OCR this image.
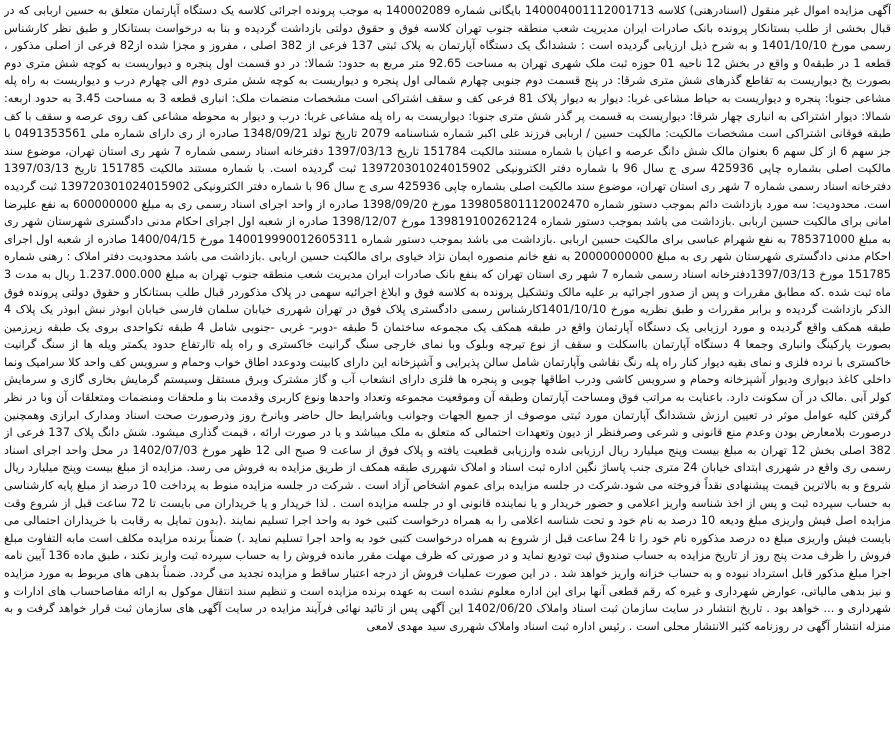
آگهی مزایده اموال غیر منقول (اسنادرهنی) کلاسه 140004001112001713 بایگانی شماره 140002089 به موجب پرونده اجرائی کلاسه یک دستگاه آپارتمان متعلق به حسین اربابی که در قبال بخشی از طلب بستانکار پرونده بانک صادرات ایران مدیریت شعب منطقه جنوب تهران کلاسه فوق و حقوق دولتی بازداشت گردیده و بنا به درخواست بستانکار و طبق نظر کارشناس رسمی مورخ 1401/10/10 و به شرح ذیل ارزیابی گردیده است : ششدانگ یک دستگاه آپارتمان به پلاک ثبتی 137 فرعی از 382 اصلی ، مفروز و مجزا شده از82 فرعی از اصلی مذکور ، قطعه 1 در طبقه0 و واقع در بخش 12 ناحیه 01 حوزه ثبت ملک شهری تهران به مساحت 92.65 متر مربع به حدود: شمالا: در دو قسمت اول پنجره و دیواریست به کوچه شش متری دوم بصورت پخ دیواریست به تقاطع گذرهای شش متری شرقا: در پنج قسمت دوم جنوبی چهارم شمالی اول پنجره و دیواریست به کوچه شش متری دوم الی چهارم درب و دیواریست به راه پله مشاعی جنوبا: پنجره و دیواریست به حیاط مشاعی غربا: دیوار به دیوار پلاک 81 فرعی کف و سقف اشتراکی است مشخصات منضمات ملک: انباری قطعه 3 به مساحت 3.45 به حدود اربعه: شمالا: دیوار اشتراکی به انباری چهار شرقا: دیواریست به قسمت پر گذر شش متری جنوبا: دیواریست به راه پله مشاعی غربا: درب و دیوار به محوطه مشاعی کف روی عرصه و سقف با کف طبقه فوقانی اشتراکی است مشخصات مالکیت: مالکیت حسین / اربابی فرزند علی اکبر شماره شناسنامه 2079 تاریخ تولد 1348/09/21 صادره از ری دارای شماره ملی 0491353561 با جز سهم 6 از کل سهم 6 بعنوان مالک شش دانگ عرصه و اعیان با شماره مستند مالکیت 151784 تاریخ 1397/03/13 دفترخانه اسناد رسمی شماره 7 شهر ری استان تهران، موضوع سند مالکیت اصلی بشماره چاپی 425936 سری ج سال 96 با شماره دفتر الکترونیکی 139720301024015902 ثبت گردیده است. با شماره مستند مالکیت 151785 تاریخ 1397/03/13 دفترخانه اسناد رسمی شماره 7 شهر ری استان تهران، موضوع سند مالکیت اصلی بشماره چاپی 425936 سری ج سال 96 با شماره دفتر الکترونیکی 139720301024015902 ثبت گردیده است. محدودیت: سه مورد بازداشت دائم بموجب دستور شماره 139805801112002470 مورخ 1398/09/20 صادره از واحد اجرای اسناد رسمی ری به مبلغ 600000000 به نفع علیرضا امانی برای مالکیت حسین اربابی .بازداشت می باشد بموجب دستور شماره 139819100262124 مورخ 1398/12/07 صادره از شعبه اول اجرای احکام مدنی دادگستری شهرستان شهر ری به مبلغ 785371000 به نفع شهرام عباسی برای مالکیت حسین اربابی .بازداشت می باشد بموجب دستور شماره 140019990012605311 مورخ 1400/04/15 صادره از شعبه اول اجرای احکام مدنی دادگستری شهرستان شهر ری به مبلغ 20000000000 به نفع خانم منصوره ایمان نژاد خیاوی برای مالکیت حسین اربابی .بازداشت می باشد محدودیت دفتر املاک : رهنی شماره 151785 مورخ 1397/03/13دفترخانه اسناد رسمی شماره 7 شهر ری استان تهران که بنفع بانک صادرات ایران مدیریت شعب منطقه جنوب تهران به مبلغ 1.237.000.000 ریال به مدت 3 ماه ثبت شده .که مطابق مقررات و پس از صدور اجرائیه بر علیه مالک وتشکیل پرونده به کلاسه فوق و ابلاغ اجرائیه سهمی در پلاک مذکوردر قبال طلب بستانکار و حقوق دولتی پرونده فوق الذکر بازداشت گردیده و برابر مقررات و طبق نظریه مورخ 1401/10/10کارشناس رسمی دادگستری پلاک فوق در تهران شهرری خیابان سلمان فارسی خیابان ابوذر نبش ابوذر یک پلاک 4 طبقه همکف واقع گردیده و مورد ارزیابی یک دستگاه آپارتمان واقع در طبقه همکف یک مجموعه ساختمان 5 طبقه -دوبر- غربی -جنوبی شامل 4 طبقه تکواحدی بروی یک طبقه زیرزمین بصورت پارکینگ وانباری وجمعا 4 دستگاه آپارتمان بااسکلت و سقف از نوع تیرچه وبلوک وبا نمای خارجی سنگ گرانیت خاکستری و راه پله تاارتفاع حدود یکمتر ویله ها از سنگ گرانیت خاکستری با نرده فلزی و نمای بقیه دیوار کنار راه پله رنگ نقاشی وآپارتمان شامل سالن پذیرایی و آشپزخانه این دارای کابینت ودوعدد اطاق خواب وحمام و سرویس کف واحد کلا سرامیک ونما داخلی کاغذ دیواری ودیوار آشپزخانه وحمام و سرویس کاشی ودرب اطاقها چوبی و پنجره ها فلزی دارای انشعاب آب و گاز مشترک وبرق مستقل وسیستم گرمایش بخاری گازی و سرمایش کولر آبی .مالک در آن سکونت دارد. باعنایت به مراتب فوق ومساحت آپارتمان وطبقه آن وموقعیت مجموعه وتعداد واحدها ونوع کاربری وقدمت بنا و ملحقات ومنضمات ومتعلقات آن وبا در نظر گرفتن کلیه عوامل موثر در تعیین ارزش ششدانگ آپارتمان مورد ثبتی موصوف از جمیع الجهات وجوانب وباشرایط حال حاضر وبانرخ روز ودرصورت صحت اسناد ومدارک ابرازی وهمچنین درصورت بلامعارض بودن وعدم منع قانونی و شرعی وصرفنظر از دیون وتعهدات احتمالی که متعلق به ملک میباشد و یا در صورت ارائه ، قیمت گذاری میشود. شش دانگ پلاک 137 فرعی از 382 اصلی بخش 12 تهران به مبلغ بیست وپنج میلیارد ریال ارزیابی شده وارزیابی قطعیت یافته و پلاک فوق از ساعت 9 صبح الی 12 ظهر مورخ 1402/07/03 در محل واحد اجرای اسناد رسمی ری واقع در شهرری ابتدای خیابان 24 متری جنب پاساژ نگین اداره ثبت اسناد و املاک شهرری طبقه همکف از طریق مزایده به فروش می رسد. مزایده از مبلغ بیست وپنج میلیارد ریال شروع و به بالاترین قیمت پیشنهادی نقداً فروخته می شود.شرکت در جلسه مزایده برای عموم اشخاص آزاد است . شرکت در جلسه مزایده منوط به پرداخت 10 درصد از مبلغ پایه کارشناسی به حساب سپرده ثبت و پس از اخذ شناسه واریز اعلامی و حضور خریدار و یا نماینده قانونی او در جلسه مزایده است . لذا خریدار و یا خریداران می بایست تا 72 ساعت قبل از شروع وقت مزایده اصل فیش واریزی مبلغ ودیعه 10 درصد به نام خود و تحت شناسه اعلامی را به همراه درخواست کتبی خود به واحد اجرا تسلیم نمایند .(بدون تمایل به رقابت با خریداران احتمالی می بایست فیش واریزی مبلغ ده درصد مذکوره نام خود را تا 24 ساعت قبل از شروع به همراه درخواست کتبی خود به واحد اجرا تسلیم نماید .) ضمناً برنده مزایده مکلف است مابه التفاوت مبلغ فروش را ظرف مدت پنج روز از تاریخ مزایده به حساب صندوق ثبت تودیع نماید و در صورتی که ظرف مهلت مقرر مانده فروش را به حساب سپرده ثبت واریز نکند ، طبق ماده 136 آیین نامه اجرا مبلغ مذکور قابل استرداد نبوده و به حساب خزانه واریز خواهد شد . در این صورت عملیات فروش از درجه اعتبار ساقط و مزایده تجدید می گردد. ضمناً بدهی های مربوط به مورد مزایده و نیز بدهی مالیاتی، عوارض شهرداری و غیره که رقم قطعی آنها برای این اداره معلوم نشده است به عهده برنده مزایده است و تنظیم سند انتقال موکول به ارائه مفاصاحساب های ادارات و شهرداری و ... خواهد بود . تاریخ انتشار در سایت سازمان ثبت اسناد واملاک 1402/06/20 این آگهی پس از تائید نهائی فرآیند مزایده در سایت آگهی های سازمان ثبت قرار خواهد گرفت و به منزله انتشار آگهی در روزنامه کثیر الانتشار محلی است . رئیس اداره ثبت اسناد واملاک شهرری سید مهدی لامعی
